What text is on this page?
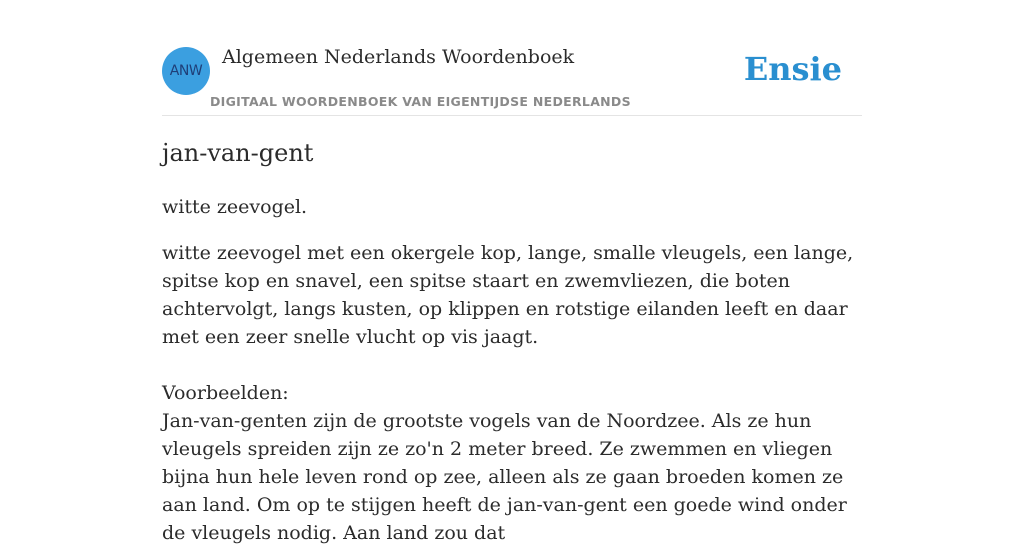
ANW
Algemeen Nederlands Woordenboek
DIGITAAL WOORDENBOEK VAN EIGENTIJDSE NEDERLANDS
Ensie
jan-van-gent

witte zeevogel.

witte zeevogel met een okergele kop, lange, smalle vleugels, een lange, spitse kop en snavel, een spitse staart en zwemvliezen, die boten achtervolgt, langs kusten, op klippen en rotstige eilanden leeft en daar met een zeer snelle vlucht op vis jaagt.

Voorbeelden:

Jan-van-genten zijn de grootste vogels van de Noordzee. Als ze hun vleugels spreiden zijn ze zo'n 2 meter breed. Ze zwemmen en vliegen bijna hun hele leven rond op zee, alleen als ze gaan broeden komen ze aan land. Om op te stijgen heeft de jan-van-gent een goede wind onder de vleugels nodig. Aan land zou dat
